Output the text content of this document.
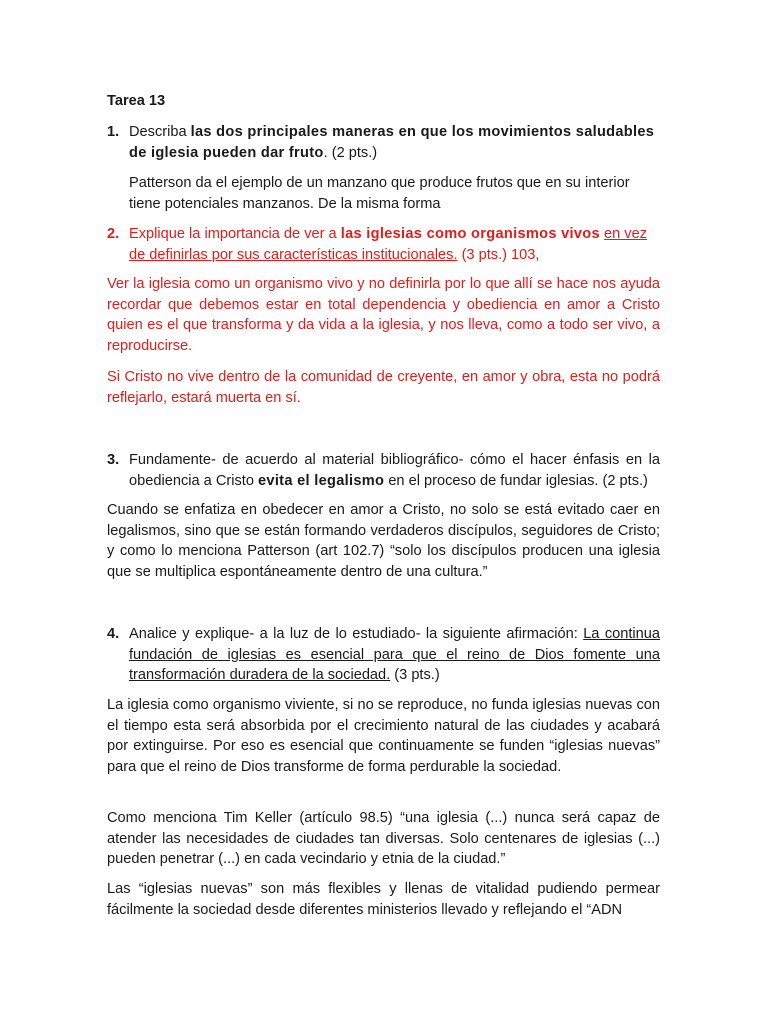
Tarea 13
1. Describa las dos principales maneras en que los movimientos saludables de iglesia pueden dar fruto. (2 pts.)

Patterson da el ejemplo de un manzano que produce frutos que en su interior tiene potenciales manzanos. De la misma forma

2. Explique la importancia de ver a las iglesias como organismos vivos en vez de definirlas por sus características institucionales. (3 pts.) 103,

Ver la iglesia como un organismo vivo y no definirla por lo que allí se hace nos ayuda recordar que debemos estar en total dependencia y obediencia en amor a Cristo quien es el que transforma y da vida a la iglesia, y nos lleva, como a todo ser vivo, a reproducirse.

Si Cristo no vive dentro de la comunidad de creyente, en amor y obra, esta no podrá reflejarlo, estará muerta en sí.

3. Fundamente- de acuerdo al material bibliográfico- cómo el hacer énfasis en la obediencia a Cristo evita el legalismo en el proceso de fundar iglesias. (2 pts.)

Cuando se enfatiza en obedecer en amor a Cristo, no solo se está evitado caer en legalismos, sino que se están formando verdaderos discípulos, seguidores de Cristo; y como lo menciona Patterson (art 102.7) “solo los discípulos producen una iglesia que se multiplica espontáneamente dentro de una cultura.”

4. Analice y explique- a la luz de lo estudiado- la siguiente afirmación: La continua fundación de iglesias es esencial para que el reino de Dios fomente una transformación duradera de la sociedad. (3 pts.)

La iglesia como organismo viviente, si no se reproduce, no funda iglesias nuevas con el tiempo esta será absorbida por el crecimiento natural de las ciudades y acabará por extinguirse. Por eso es esencial que continuamente se funden “iglesias nuevas” para que el reino de Dios transforme de forma perdurable la sociedad.

Como menciona Tim Keller (artículo 98.5) “una iglesia (...) nunca será capaz de atender las necesidades de ciudades tan diversas. Solo centenares de iglesias (...) pueden penetrar (...) en cada vecindario y etnia de la ciudad.”

Las “iglesias nuevas” son más flexibles y llenas de vitalidad pudiendo permear fácilmente la sociedad desde diferentes ministerios llevado y reflejando el “ADN
